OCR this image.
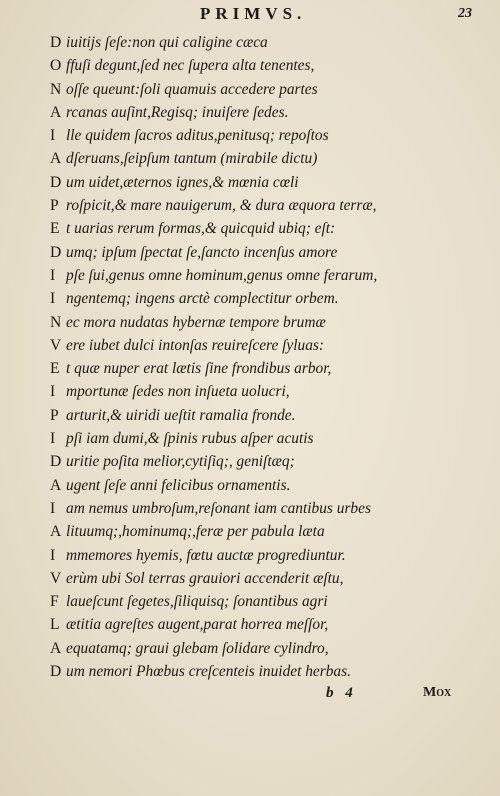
PRIMVS.	23
D iuitijs ſeſe:non qui caligine cæca
O ffuſi degunt,ſed nec ſupera alta tenentes,
N oſſe queunt:ſoli quamuis accedere partes
A rcanas auſint,Regisq; inuiſere ſedes.
I lle quidem ſacros aditus,penitusq; repoſtos
A dſeruans,ſeipſum tantum (mirabile dictu)
D um uidet,æternos ignes,& mœnia cœli
P roſpicit,& mare nauigerum, & dura æquora terræ,
E t uarias rerum formas,& quicquid ubiq; eſt:
D umq; ipſum ſpectat ſe,ſancto incenſus amore
I pſe ſui,genus omne hominum,genus omne ferarum,
I ngentemq; ingens arctè complectitur orbem.
N ec mora nudatas hybernæ tempore brumæ
V ere iubet dulci intonſas reuireſcere ſyluas:
E t quæ nuper erat lætis ſine frondibus arbor,
I mportunæ ſedes non inſueta uolucri,
P arturit,& uiridi ueſtit ramalia fronde.
I pſi iam dumi,& ſpinis rubus aſper acutis
D uritie poſita melior,cytiſiq;, geniſtæq;
A ugent ſeſe anni felicibus ornamentis.
I am nemus umbroſum,reſonant iam cantibus urbes
A lituumq;,hominumq;,feræ per pabula læta
I mmemores hyemis, fœtu auctæ progrediuntur.
V erùm ubi Sol terras grauiori accenderit æſtu,
F laueſcunt ſegetes,ſiliquisq; ſonantibus agri
L ætitia agreſtes augent,parat horrea meſſor,
A equatamq; graui glebam ſolidare cylindro,
D um nemori Phœbus creſcenteis inuidet herbas.
b 4	Mox
